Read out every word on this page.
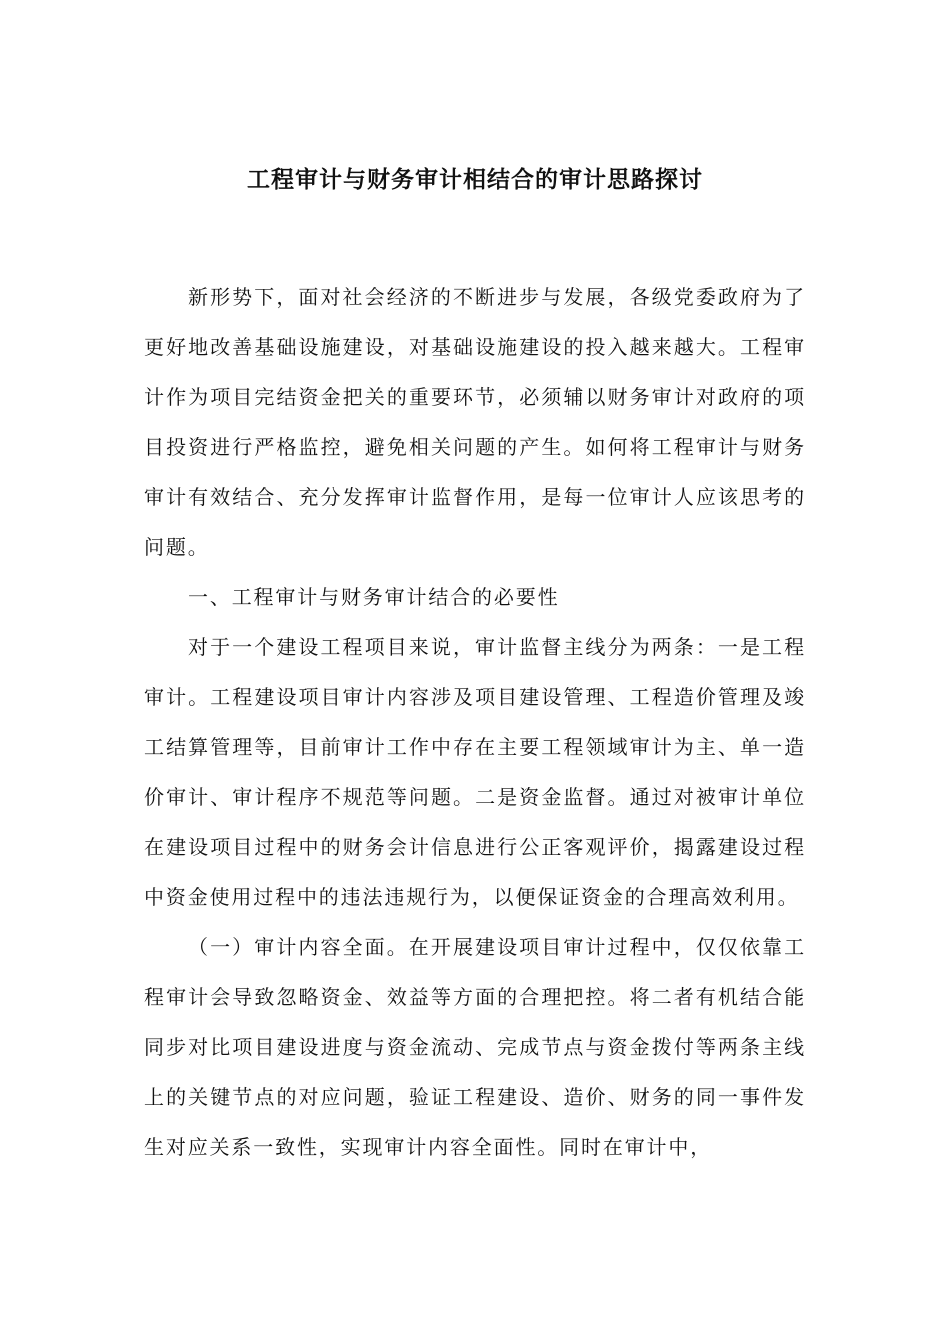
工程审计与财务审计相结合的审计思路探讨

新形势下，面对社会经济的不断进步与发展，各级党委政府为了更好地改善基础设施建设，对基础设施建设的投入越来越大。工程审计作为项目完结资金把关的重要环节，必须辅以财务审计对政府的项目投资进行严格监控，避免相关问题的产生。如何将工程审计与财务审计有效结合、充分发挥审计监督作用，是每一位审计人应该思考的问题。

一、工程审计与财务审计结合的必要性

对于一个建设工程项目来说，审计监督主线分为两条：一是工程审计。工程建设项目审计内容涉及项目建设管理、工程造价管理及竣工结算管理等，目前审计工作中存在主要工程领域审计为主、单一造价审计、审计程序不规范等问题。二是资金监督。通过对被审计单位在建设项目过程中的财务会计信息进行公正客观评价，揭露建设过程中资金使用过程中的违法违规行为，以便保证资金的合理高效利用。

（一）审计内容全面。在开展建设项目审计过程中，仅仅依靠工程审计会导致忽略资金、效益等方面的合理把控。将二者有机结合能同步对比项目建设进度与资金流动、完成节点与资金拨付等两条主线上的关键节点的对应问题，验证工程建设、造价、财务的同一事件发生对应关系一致性，实现审计内容全面性。同时在审计中，
